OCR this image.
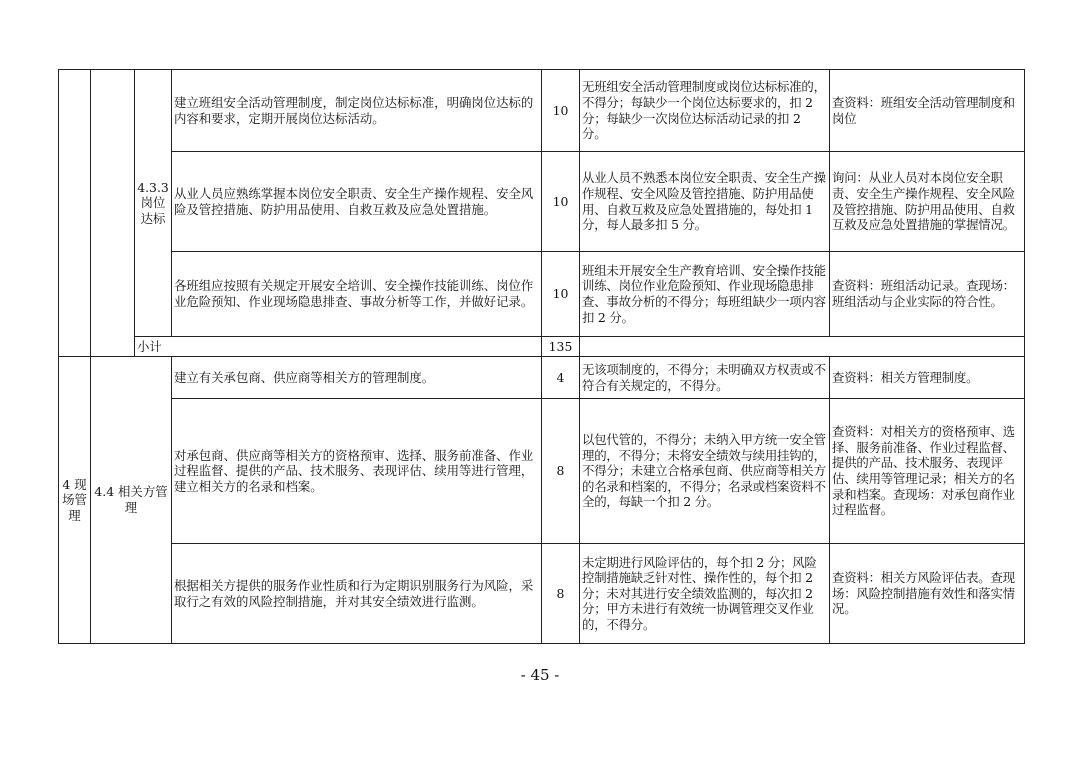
		4.3.3 岗位达标	建立班组安全活动管理制度，制定岗位达标标准，明确岗位达标的内容和要求，定期开展岗位达标活动。	10	无班组安全活动管理制度或岗位达标标准的，不得分；每缺少一个岗位达标要求的，扣 2 分；每缺少一次岗位达标活动记录的扣 2 分。	查资料：班组安全活动管理制度和岗位
			从业人员应熟练掌握本岗位安全职责、安全生产操作规程、安全风险及管控措施、防护用品使用、自救互救及应急处置措施。	10	从业人员不熟悉本岗位安全职责、安全生产操作规程、安全风险及管控措施、防护用品使用、自救互救及应急处置措施的，每处扣 1 分，每人最多扣 5 分。	询问：从业人员对本岗位安全职责、安全生产操作规程、安全风险及管控措施、防护用品使用、自救互救及应急处置措施的掌握情况。
			各班组应按照有关规定开展安全培训、安全操作技能训练、岗位作业危险预知、作业现场隐患排查、事故分析等工作，并做好记录。	10	班组未开展安全生产教育培训、安全操作技能训练、岗位作业危险预知、作业现场隐患排查、事故分析的不得分；每班组缺少一项内容扣 2 分。	查资料：班组活动记录。查现场：班组活动与企业实际的符合性。
		小计		135		
4 现场管理	4.4 相关方管理		建立有关承包商、供应商等相关方的管理制度。	4	无该项制度的，不得分；未明确双方权责或不符合有关规定的，不得分。	查资料：相关方管理制度。
			对承包商、供应商等相关方的资格预审、选择、服务前准备、作业过程监督、提供的产品、技术服务、表现评估、续用等进行管理，建立相关方的名录和档案。	8	以包代管的，不得分；未纳入甲方统一安全管理的，不得分；未将安全绩效与续用挂钩的，不得分；未建立合格承包商、供应商等相关方的名录和档案的，不得分；名录或档案资料不全的，每缺一个扣 2 分。	查资料：对相关方的资格预审、选择、服务前准备、作业过程监督、提供的产品、技术服务、表现评估、续用等管理记录；相关方的名录和档案。查现场：对承包商作业过程监督。
			根据相关方提供的服务作业性质和行为定期识别服务行为风险，采取行之有效的风险控制措施，并对其安全绩效进行监测。	8	未定期进行风险评估的，每个扣 2 分；风险控制措施缺乏针对性、操作性的，每个扣 2 分；未对其进行安全绩效监测的，每次扣 2 分；甲方未进行有效统一协调管理交叉作业的，不得分。	查资料：相关方风险评估表。查现场：风险控制措施有效性和落实情况。
- 45 -
